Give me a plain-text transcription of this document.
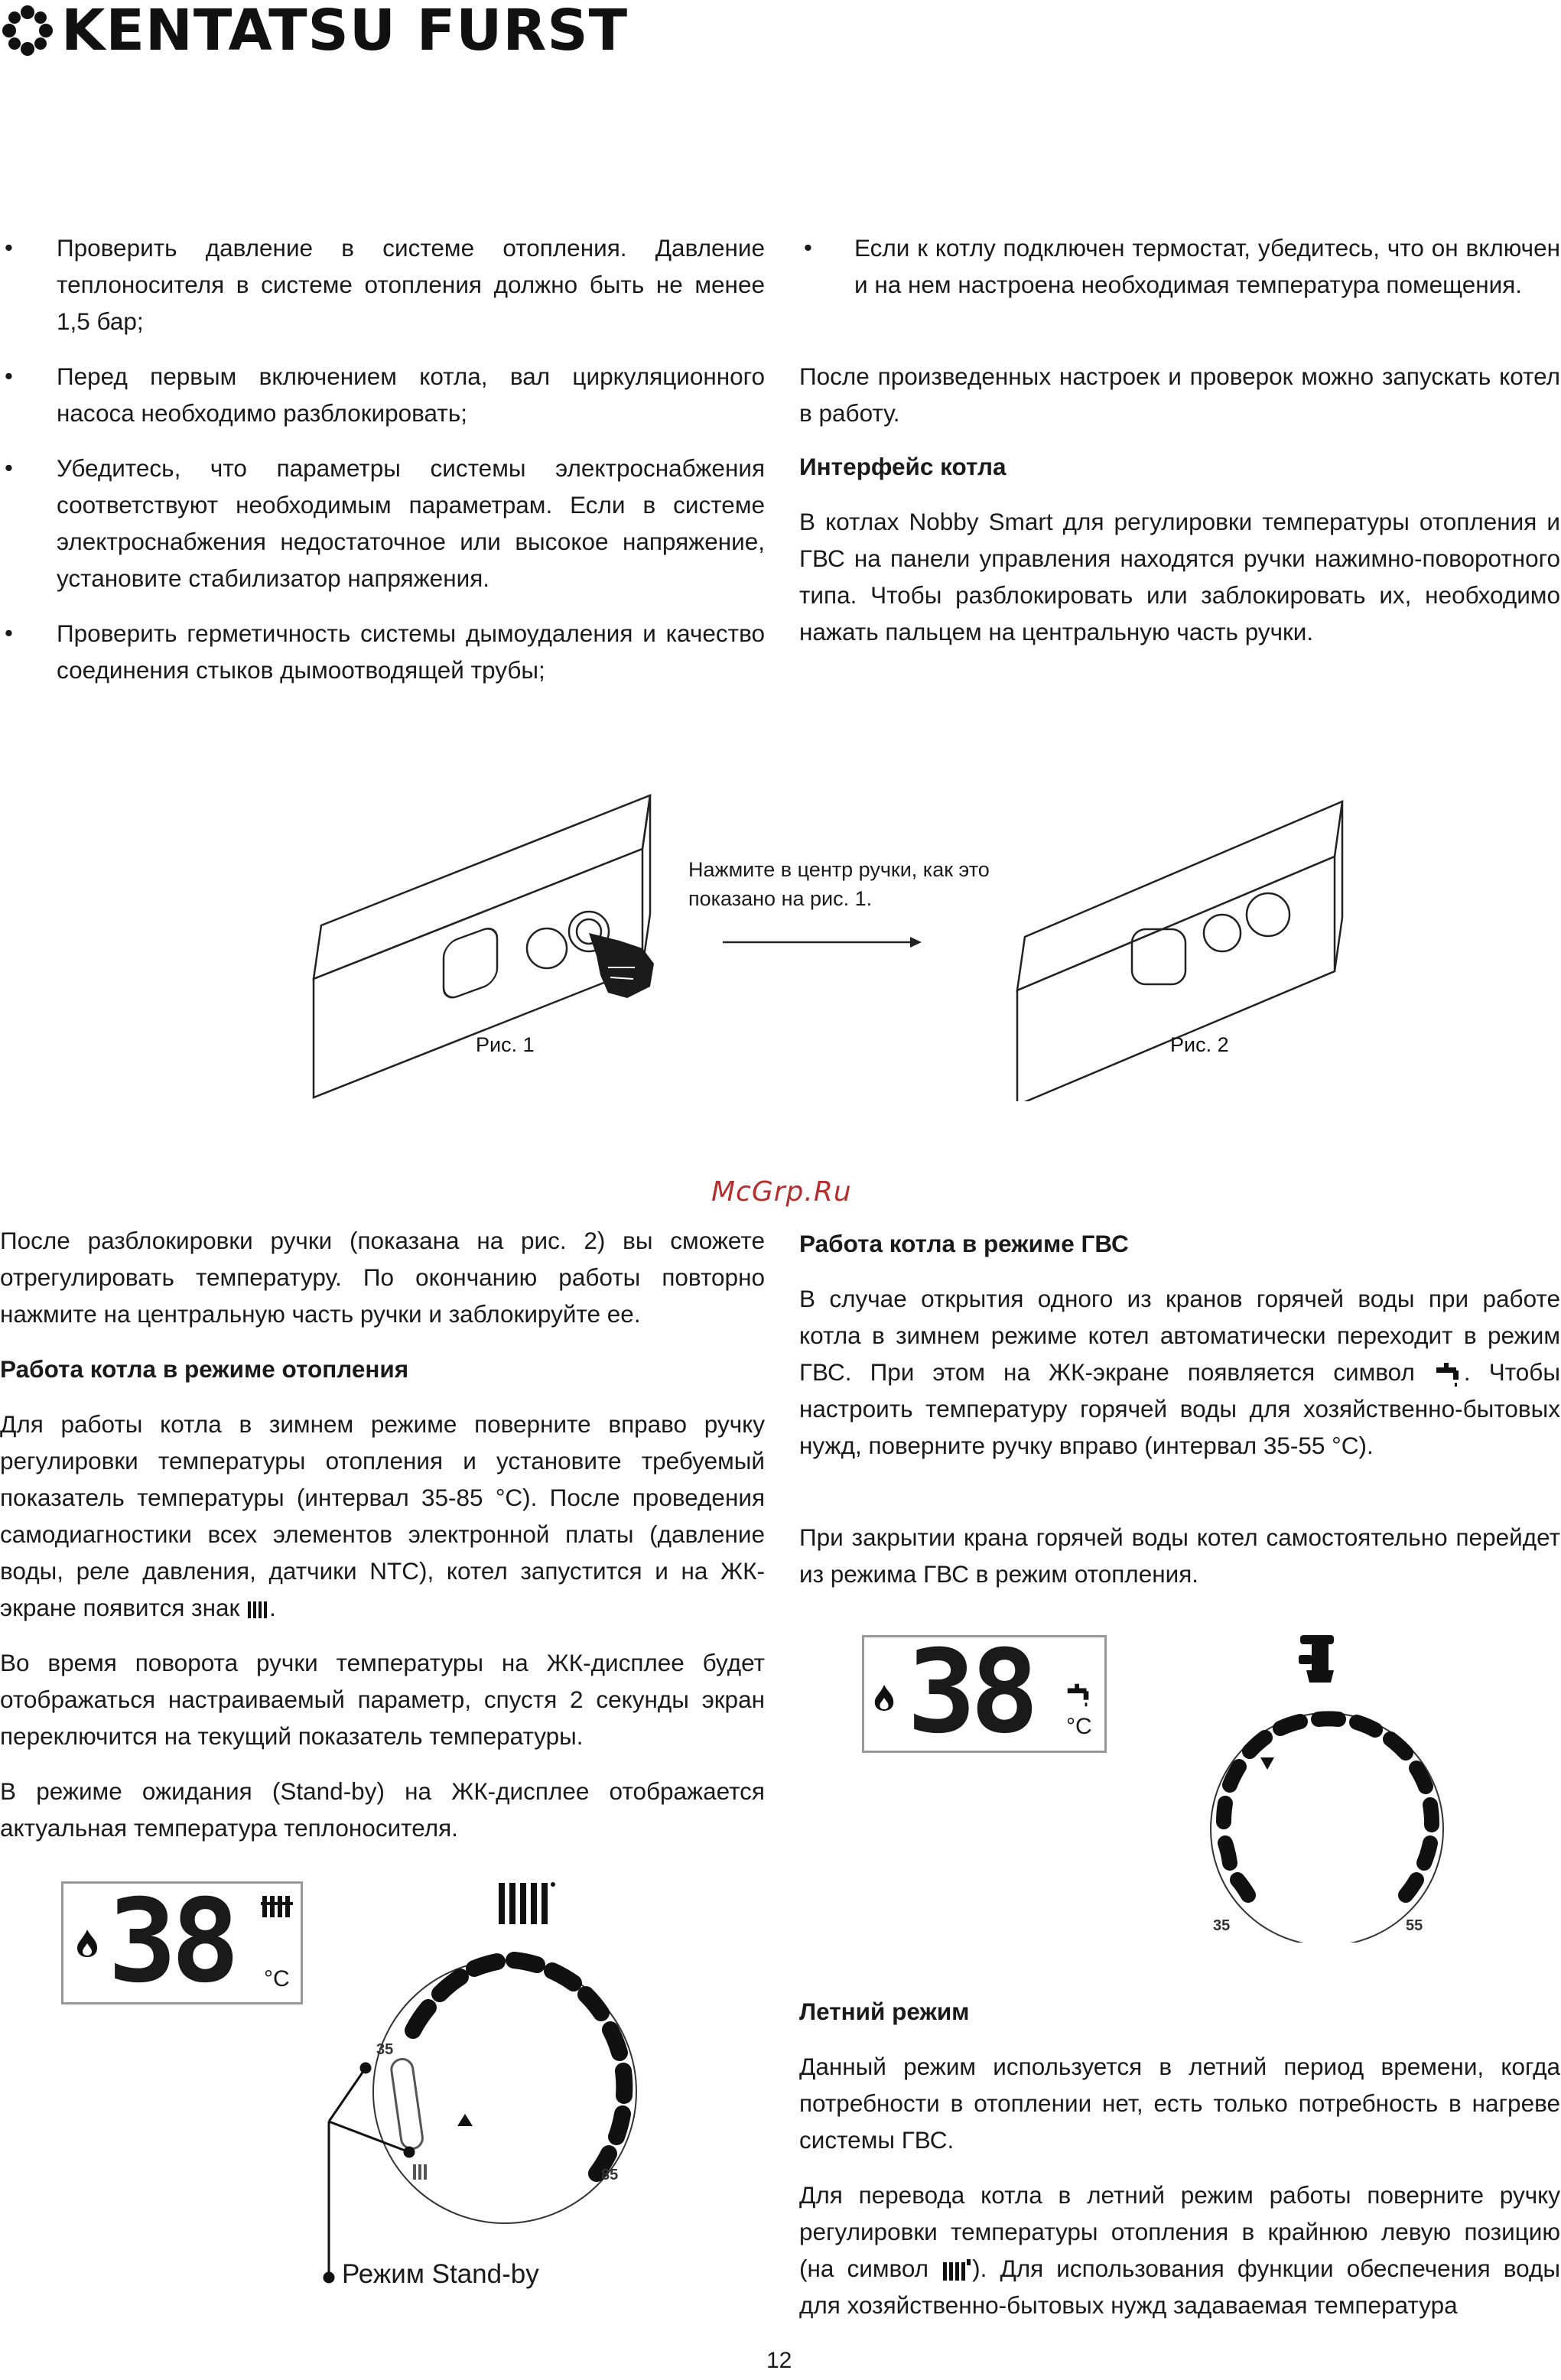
KENTATSU FURST
•	Проверить давление в системе отопления. Давление теплоносителя в системе отопления должно быть не менее 1,5 бар;

•	Перед первым включением котла, вал циркуляционного насоса необходимо разблокировать;

•	Убедитесь, что параметры системы электроснабжения соответствуют необходимым параметрам. Если в системе электроснабжения недостаточное или высокое напряжение, установите стабилизатор напряжения.

•	Проверить герметичность системы дымоудаления и качество соединения стыков дымоотводящей трубы;

•	Если к котлу подключен термостат, убедитесь, что он включен и на нем настроена необходимая температура помещения.

После произведенных настроек и проверок можно запускать котел в работу.

Интерфейс котла

В котлах Nobby Smart для регулировки температуры отопления и ГВС на панели управления находятся ручки нажимно-поворотного типа. Чтобы разблокировать или заблокировать их, необходимо нажать пальцем на центральную часть ручки.

Рис. 1	Рис. 2
Нажмите в центр ручки, как это показано на рис. 1.
McGrp.Ru

После разблокировки ручки (показана на рис. 2) вы сможете отрегулировать температуру. По окончанию работы повторно нажмите на центральную часть ручки и заблокируйте ее.

Работа котла в режиме отопления

Для работы котла в зимнем режиме поверните вправо ручку регулировки температуры отопления и установите требуемый показатель температуры (интервал 35-85 °С). После проведения самодиагностики всех элементов электронной платы (давление воды, реле давления, датчики NTC), котел запустится и на ЖК-экране появится знак .

Во время поворота ручки температуры на ЖК-дисплее будет отображаться настраиваемый параметр, спустя 2 секунды экран переключится на текущий показатель температуры.

В режиме ожидания (Stand-by) на ЖК-дисплее отображается актуальная температура теплоносителя.

38 °C
35
85
Режим Stand-by

Работа котла в режиме ГВС

В случае открытия одного из кранов горячей воды при работе котла в зимнем режиме котел автоматически переходит в режим ГВС. При этом на ЖК-экране появляется символ . Чтобы настроить температуру горячей воды для хозяйственно-бытовых нужд, поверните ручку вправо (интервал 35-55 °С).

При закрытии крана горячей воды котел самостоятельно перейдет из режима ГВС в режим отопления.

38 °C
35	55

Летний режим

Данный режим используется в летний период времени, когда потребности в отоплении нет, есть только потребность в нагреве системы ГВС.

Для перевода котла в летний режим работы поверните ручку регулировки температуры отопления в крайнюю левую позицию (на символ ). Для использования функции обеспечения воды для хозяйственно-бытовых нужд задаваемая температура

12
